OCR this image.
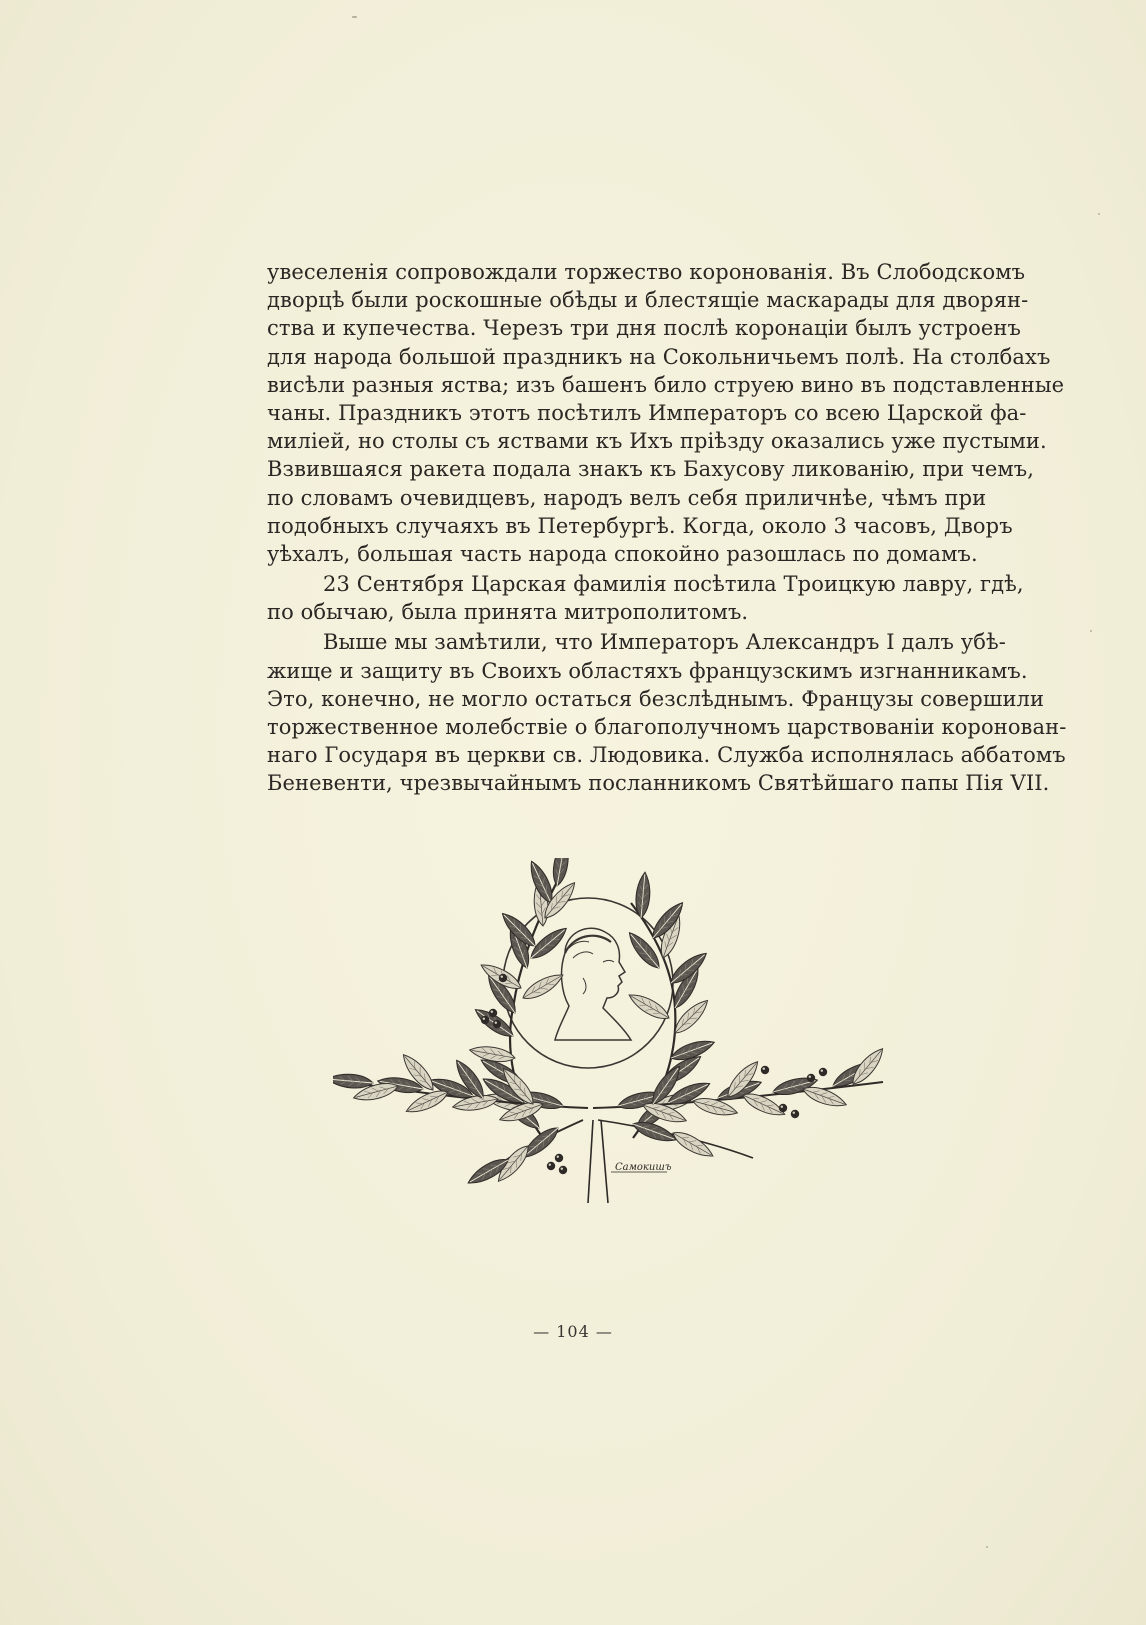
увеселенія сопровождали торжество коронованія. Въ Слободскомъ
дворцѣ были роскошные обѣды и блестящіе маскарады для дворян-
ства и купечества. Черезъ три дня послѣ коронаціи былъ устроенъ
для народа большой праздникъ на Сокольничьемъ полѣ. На столбахъ
висѣли разныя яства; изъ башенъ било струею вино въ подставленные
чаны. Праздникъ этотъ посѣтилъ Императоръ со всею Царской фа-
миліей, но столы съ яствами къ Ихъ пріѣзду оказались уже пустыми.
Взвившаяся ракета подала знакъ къ Бахусову ликованію, при чемъ,
по словамъ очевидцевъ, народъ велъ себя приличнѣе, чѣмъ при
подобныхъ случаяхъ въ Петербургѣ. Когда, около 3 часовъ, Дворъ
уѣхалъ, большая часть народа спокойно разошлась по домамъ.

23 Сентября Царская фамилія посѣтила Троицкую лавру, гдѣ,
по обычаю, была принята митрополитомъ.

Выше мы замѣтили, что Императоръ Александръ I далъ убѣ-
жище и защиту въ Своихъ областяхъ французскимъ изгнанникамъ.
Это, конечно, не могло остаться безслѣднымъ. Французы совершили
торжественное молебствіе о благополучномъ царствованіи коронован-
наго Государя въ церкви св. Людовика. Служба исполнялась аббатомъ
Беневенти, чрезвычайнымъ посланникомъ Святѣйшаго папы Пія VII.

Самокишъ
— 104 —
